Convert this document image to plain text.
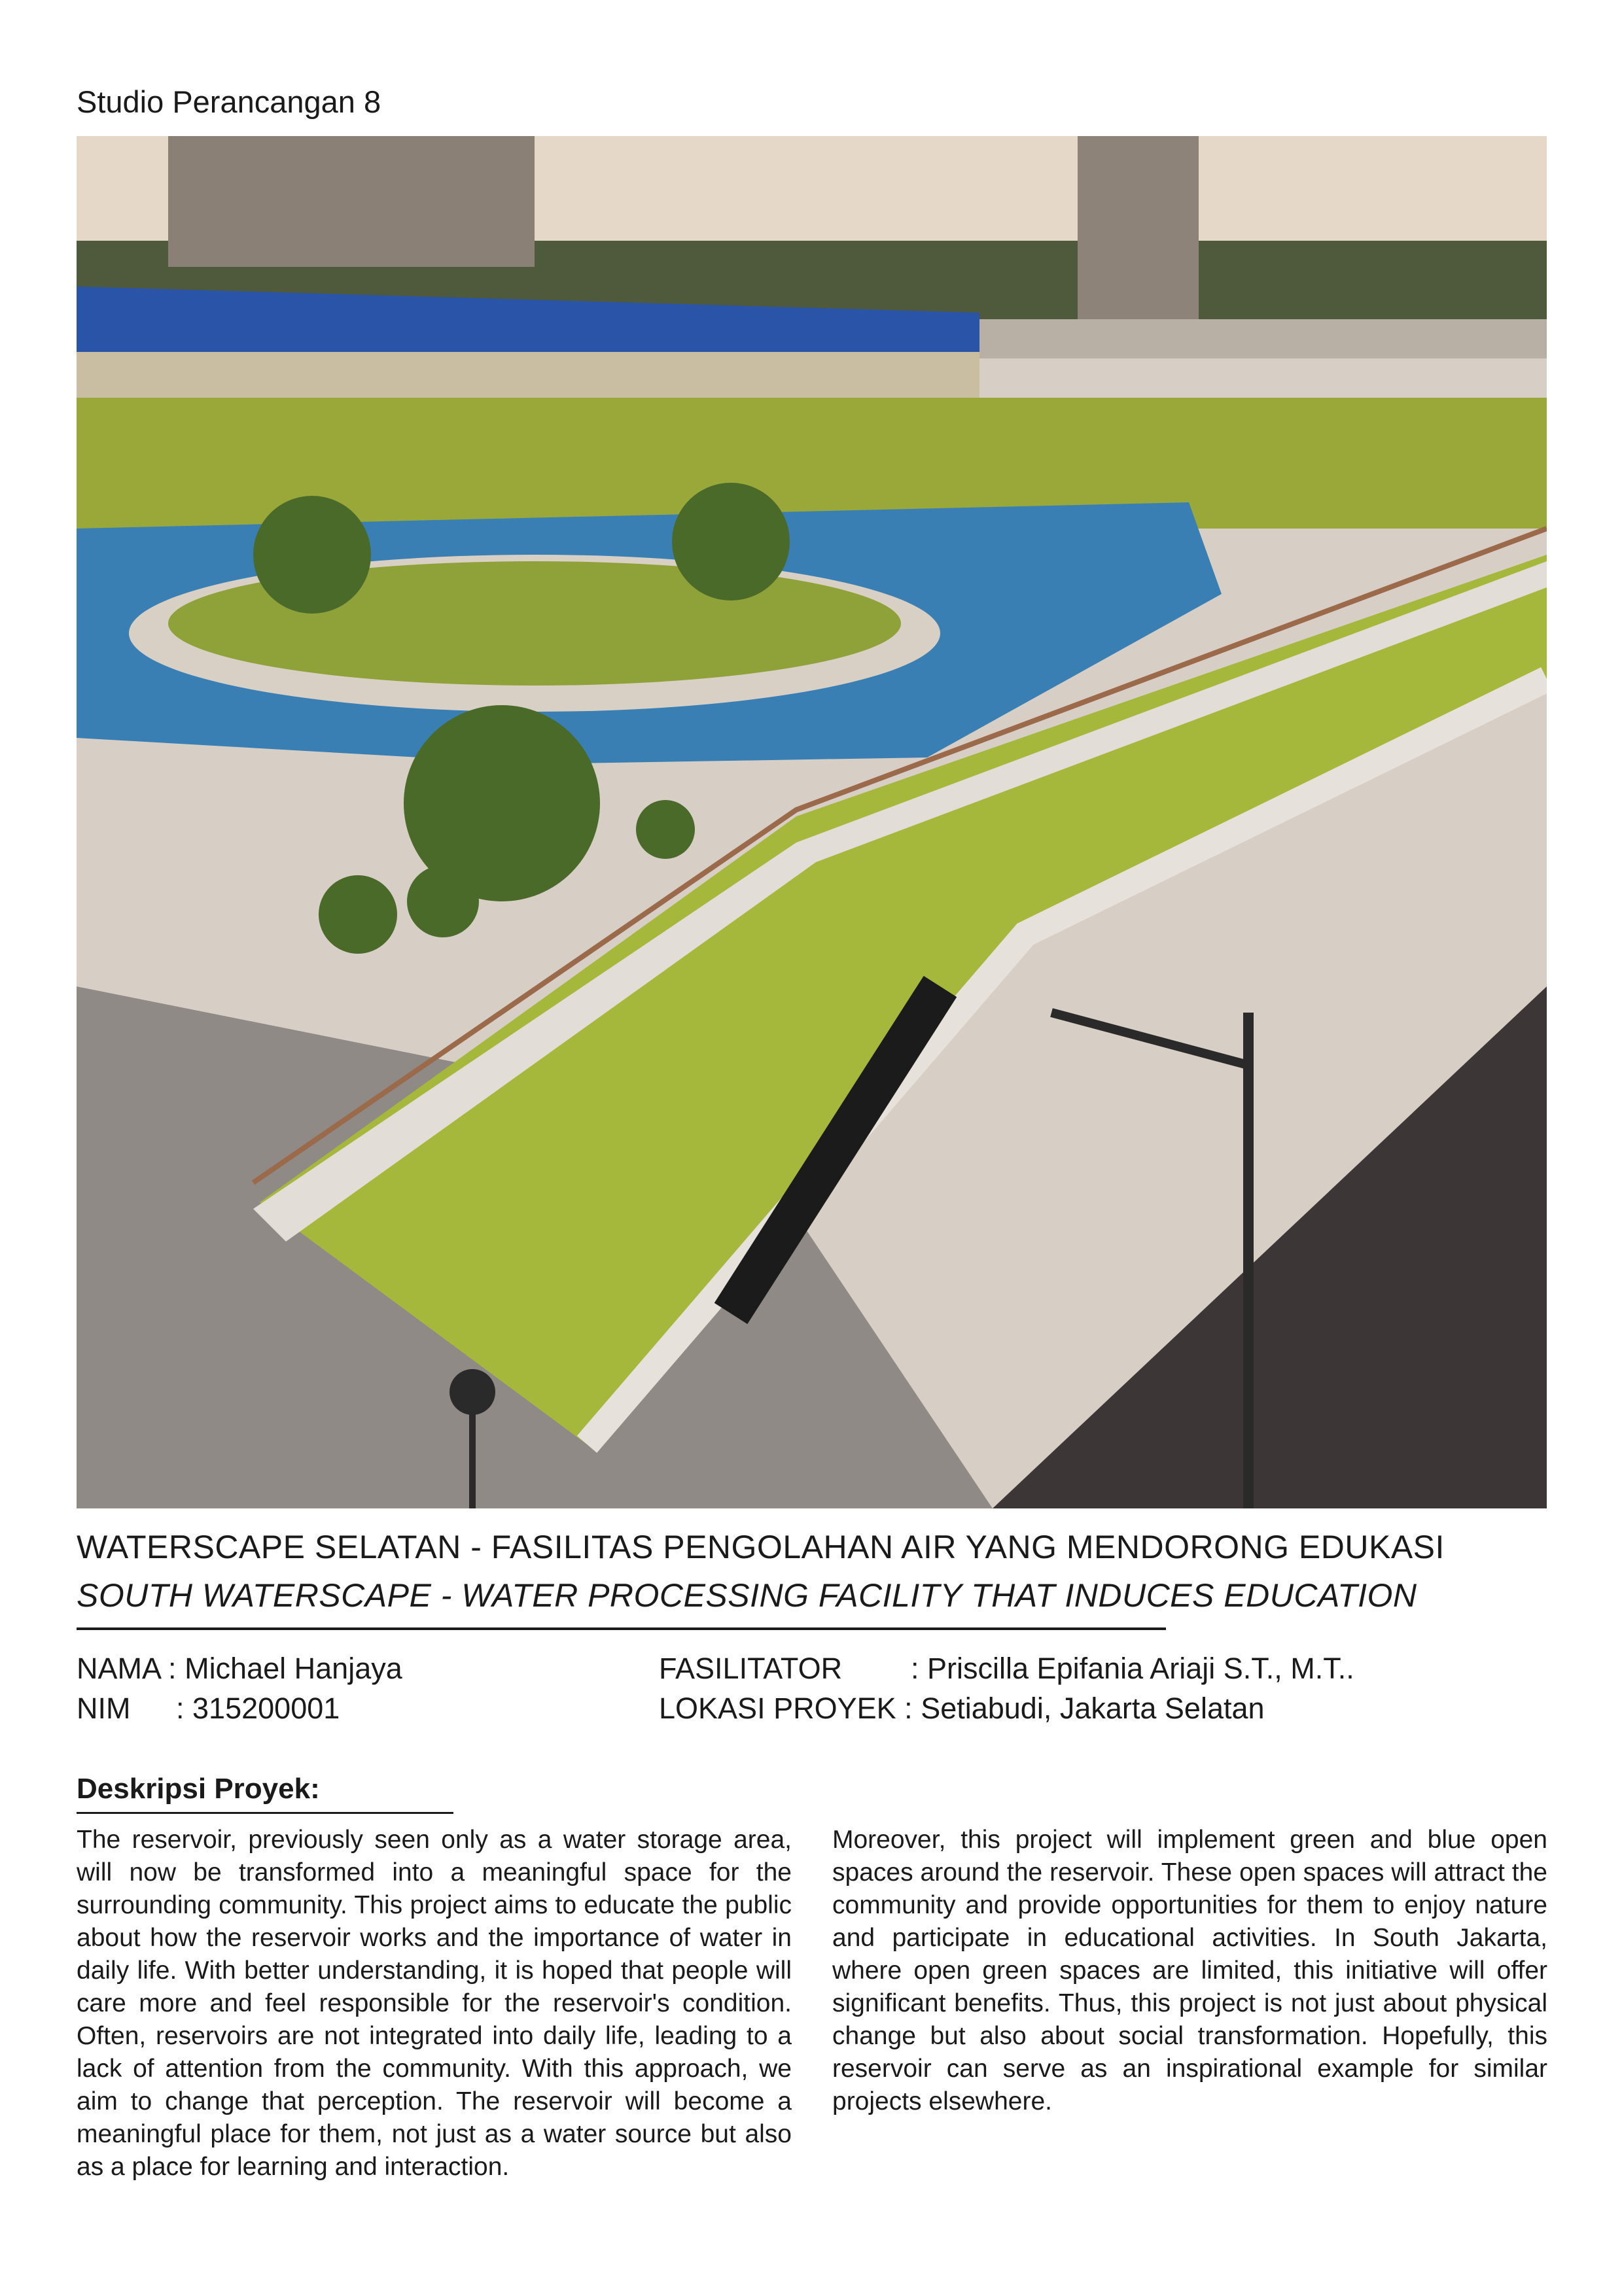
Studio Perancangan 8
WATERSCAPE SELATAN - FASILITAS PENGOLAHAN AIR YANG MENDORONG EDUKASI
SOUTH WATERSCAPE - WATER PROCESSING FACILITY THAT INDUCES EDUCATION
NAMA : Michael Hanjaya
NIM : 315200001
FASILITATOR : Priscilla Epifania Ariaji S.T., M.T..
LOKASI PROYEK : Setiabudi, Jakarta Selatan
Deskripsi Proyek:
The reservoir, previously seen only as a water storage area, will now be transformed into a meaningful space for the surrounding community. This project aims to educate the public about how the reservoir works and the importance of water in daily life. With better understanding, it is hoped that people will care more and feel responsible for the reservoir's condition. Often, reservoirs are not integrated into daily life, leading to a lack of attention from the community. With this approach, we aim to change that perception. The reservoir will become a meaningful place for them, not just as a water source but also as a place for learning and interaction.
Moreover, this project will implement green and blue open spaces around the reservoir. These open spaces will attract the community and provide opportunities for them to enjoy nature and participate in educational activities. In South Jakarta, where open green spaces are limited, this initiative will offer significant benefits. Thus, this project is not just about physical change but also about social transformation. Hopefully, this reservoir can serve as an inspirational example for similar projects elsewhere.
